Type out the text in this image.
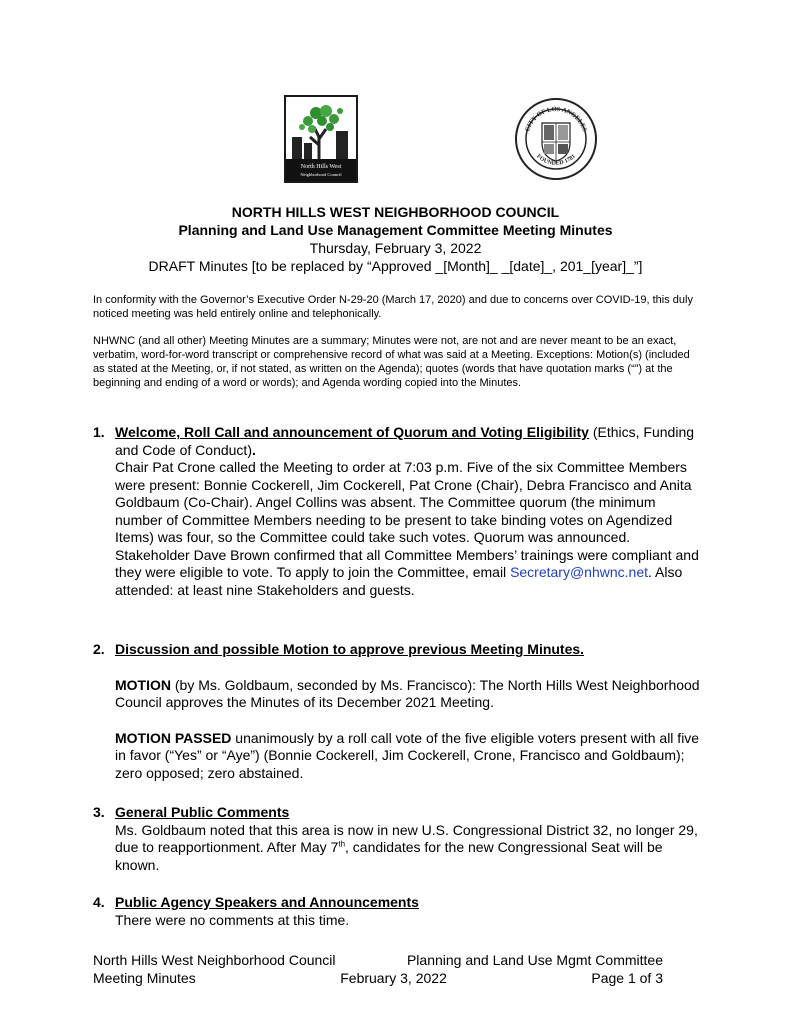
North Hills West
Neighborhood Council
CITY OF LOS ANGELES
FOUNDED 1781
NORTH HILLS WEST NEIGHBORHOOD COUNCIL
Planning and Land Use Management Committee Meeting Minutes
Thursday, February 3, 2022
DRAFT Minutes [to be replaced by “Approved _[Month]_ _[date]_, 201_[year]_”]
In conformity with the Governor’s Executive Order N-29-20 (March 17, 2020) and due to concerns over COVID-19, this duly noticed meeting was held entirely online and telephonically.
NHWNC (and all other) Meeting Minutes are a summary; Minutes were not, are not and are never meant to be an exact, verbatim, word-for-word transcript or comprehensive record of what was said at a Meeting. Exceptions: Motion(s) (included as stated at the Meeting, or, if not stated, as written on the Agenda); quotes (words that have quotation marks (“”) at the beginning and ending of a word or words); and Agenda wording copied into the Minutes.
1. Welcome, Roll Call and announcement of Quorum and Voting Eligibility (Ethics, Funding and Code of Conduct).
Chair Pat Crone called the Meeting to order at 7:03 p.m. Five of the six Committee Members were present: Bonnie Cockerell, Jim Cockerell, Pat Crone (Chair), Debra Francisco and Anita Goldbaum (Co-Chair). Angel Collins was absent. The Committee quorum (the minimum number of Committee Members needing to be present to take binding votes on Agendized Items) was four, so the Committee could take such votes. Quorum was announced. Stakeholder Dave Brown confirmed that all Committee Members’ trainings were compliant and they were eligible to vote. To apply to join the Committee, email Secretary@nhwnc.net. Also attended: at least nine Stakeholders and guests.
2. Discussion and possible Motion to approve previous Meeting Minutes.
MOTION (by Ms. Goldbaum, seconded by Ms. Francisco): The North Hills West Neighborhood Council approves the Minutes of its December 2021 Meeting.
MOTION PASSED unanimously by a roll call vote of the five eligible voters present with all five in favor (“Yes” or “Aye”) (Bonnie Cockerell, Jim Cockerell, Crone, Francisco and Goldbaum); zero opposed; zero abstained.
3. General Public Comments
Ms. Goldbaum noted that this area is now in new U.S. Congressional District 32, no longer 29, due to reapportionment. After May 7th, candidates for the new Congressional Seat will be known.
4. Public Agency Speakers and Announcements
There were no comments at this time.
North Hills West Neighborhood Council	Planning and Land Use Mgmt Committee
Meeting Minutes	February 3, 2022	Page 1 of 3
